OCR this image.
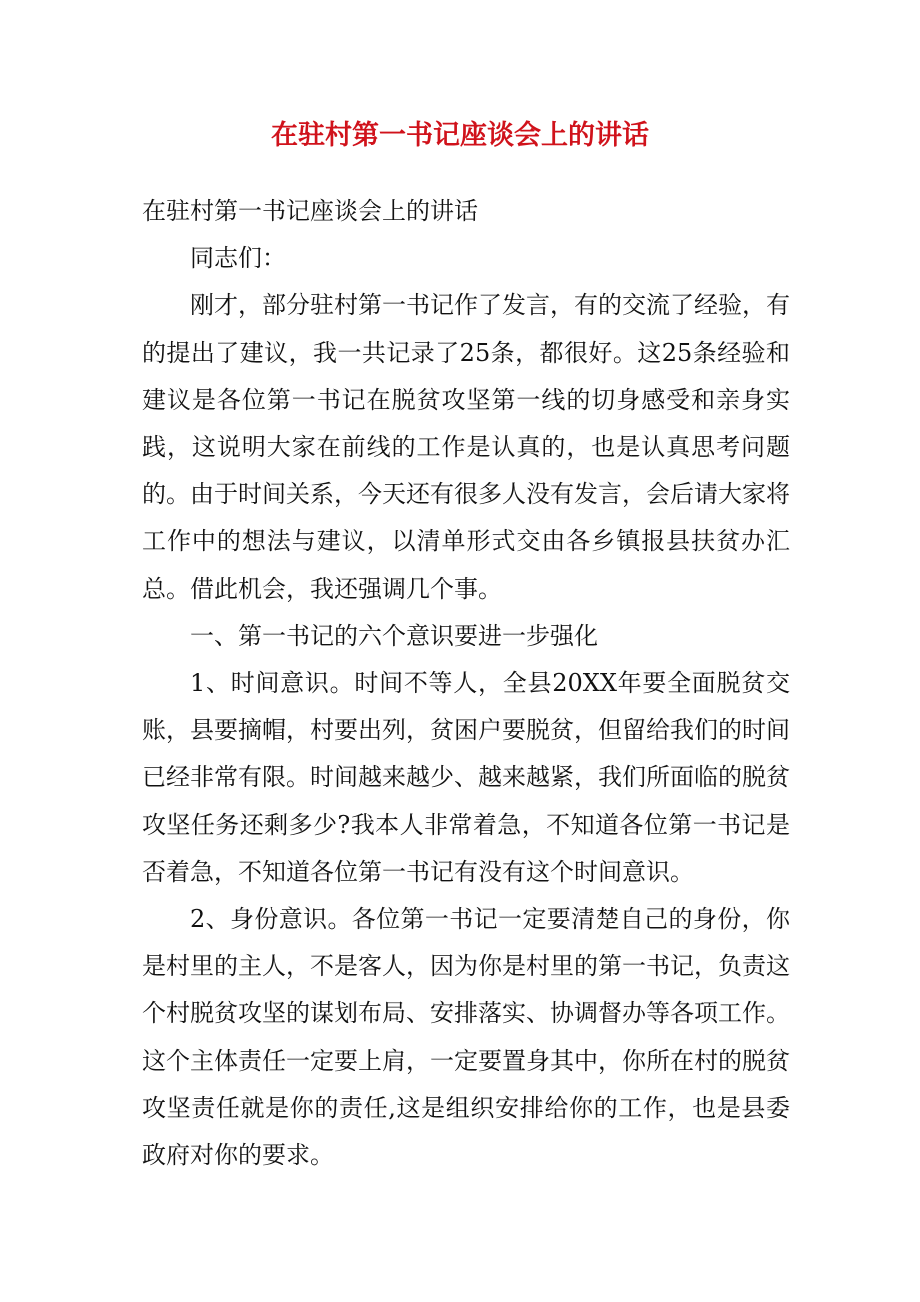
在驻村第一书记座谈会上的讲话

在驻村第一书记座谈会上的讲话

同志们：

刚才，部分驻村第一书记作了发言，有的交流了经验，有的提出了建议，我一共记录了25条，都很好。这25条经验和建议是各位第一书记在脱贫攻坚第一线的切身感受和亲身实践，这说明大家在前线的工作是认真的，也是认真思考问题的。由于时间关系，今天还有很多人没有发言，会后请大家将工作中的想法与建议，以清单形式交由各乡镇报县扶贫办汇总。借此机会，我还强调几个事。

一、第一书记的六个意识要进一步强化

1、时间意识。时间不等人，全县20XX年要全面脱贫交账，县要摘帽，村要出列，贫困户要脱贫，但留给我们的时间已经非常有限。时间越来越少、越来越紧，我们所面临的脱贫攻坚任务还剩多少?我本人非常着急，不知道各位第一书记是否着急，不知道各位第一书记有没有这个时间意识。

2、身份意识。各位第一书记一定要清楚自己的身份，你是村里的主人，不是客人，因为你是村里的第一书记，负责这个村脱贫攻坚的谋划布局、安排落实、协调督办等各项工作。这个主体责任一定要上肩，一定要置身其中，你所在村的脱贫攻坚责任就是你的责任,这是组织安排给你的工作，也是县委政府对你的要求。
